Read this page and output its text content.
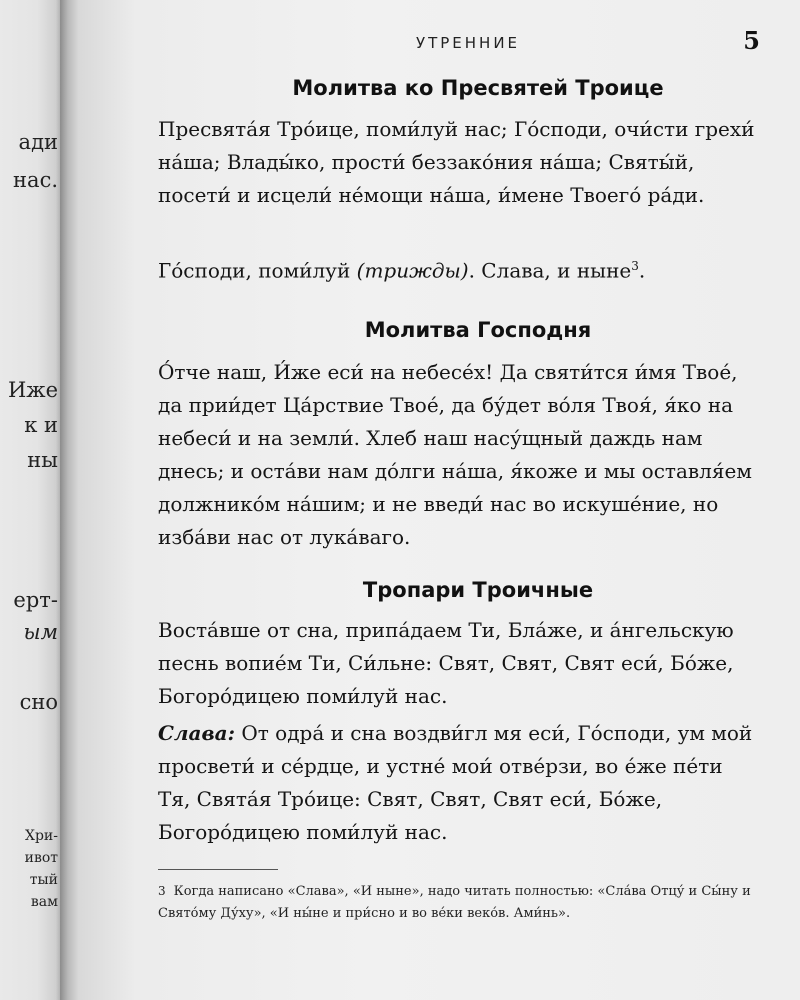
ади
нас.
Иже
к и
ны
ерт-
ым
сно
Хри-
ивот
тый
вам
УТРЕННИЕ	5
Молитва ко Пресвятей Троице
Пресвята́я Тро́ице, поми́луй нас; Го́споди, очи́сти грехи́ на́ша; Влады́ко, прости́ беззако́ния на́ша; Святы́й, посети́ и исцели́ не́мощи на́ша, и́мене Твоего́ ра́ди.
Го́споди, поми́луй (трижды). Слава, и ныне$^3$.
Молитва Господня
О́тче наш, И́же еси́ на небесе́х! Да святи́тся и́мя Твое́, да прии́дет Ца́рствие Твое́, да бу́дет во́ля Твоя́, я́ко на небеси́ и на земли́. Хлеб наш насу́щный даждь нам днесь; и оста́ви нам до́лги на́ша, я́коже и мы оставля́ем должнико́м на́шим; и не введи́ нас во искуше́ние, но изба́ви нас от лука́ваго.
Тропари Троичные
Воста́вше от сна, припа́даем Ти, Бла́же, и а́нгельскую песнь вопие́м Ти, Си́льне: Свят, Свят, Свят еси́, Бо́же, Богоро́дицею поми́луй нас.
Слава: От одра́ и сна воздви́гл мя еси́, Го́споди, ум мой просвети́ и се́рдце, и устне́ мои́ отве́рзи, во е́же пе́ти Тя, Свята́я Тро́ице: Свят, Свят, Свят еси́, Бо́же, Богоро́дицею поми́луй нас.
3 Когда написано «Слава», «И ныне», надо читать полностью: «Сла́ва Отцу́ и Сы́ну и Свято́му Ду́ху», «И ны́не и при́сно и во ве́ки веко́в. Ами́нь».
